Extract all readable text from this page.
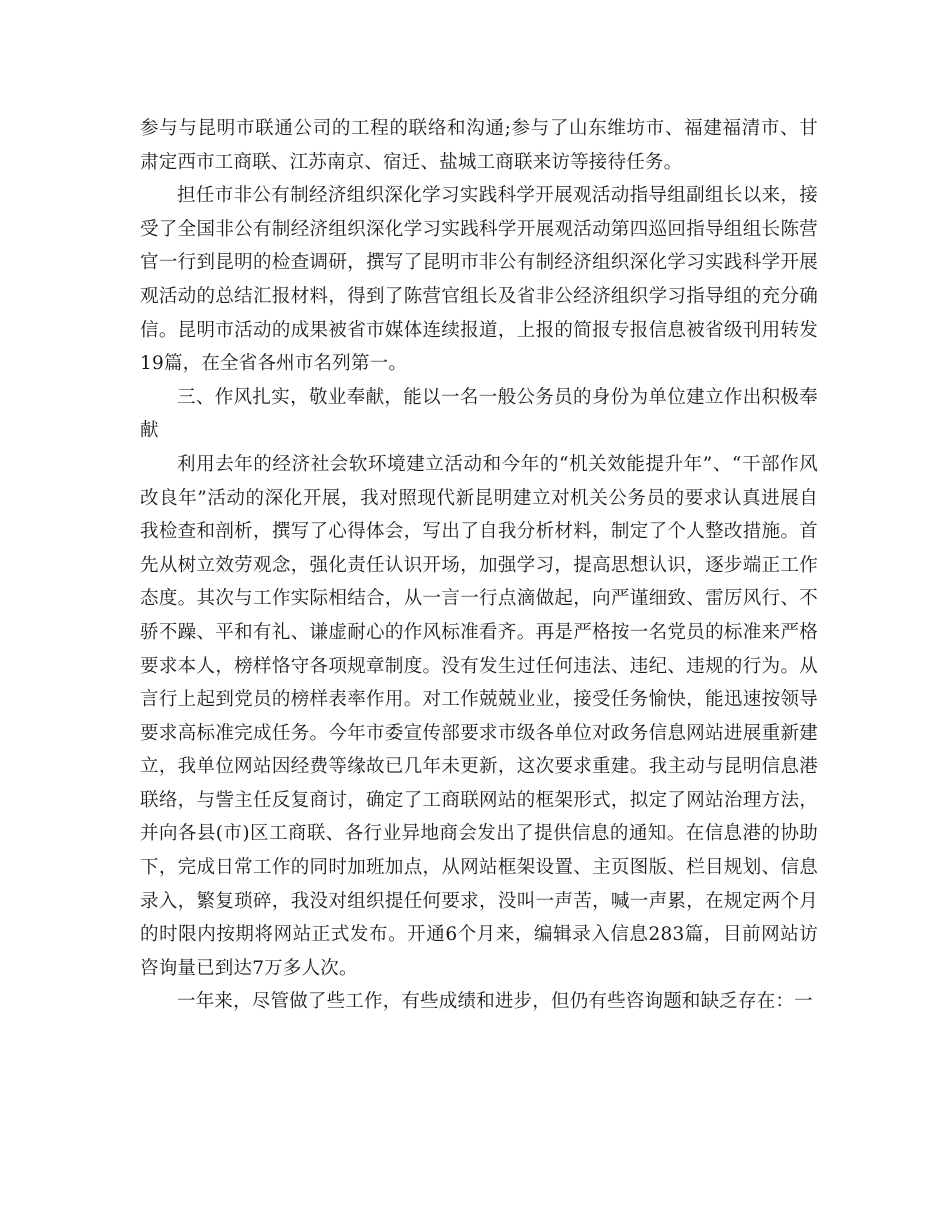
参与与昆明市联通公司的工程的联络和沟通;参与了山东维坊市、福建福清市、甘肃定西市工商联、江苏南京、宿迁、盐城工商联来访等接待任务。

担任市非公有制经济组织深化学习实践科学开展观活动指导组副组长以来，接受了全国非公有制经济组织深化学习实践科学开展观活动第四巡回指导组组长陈营官一行到昆明的检查调研，撰写了昆明市非公有制经济组织深化学习实践科学开展观活动的总结汇报材料，得到了陈营官组长及省非公经济组织学习指导组的充分确信。昆明市活动的成果被省市媒体连续报道，上报的简报专报信息被省级刊用转发19篇，在全省各州市名列第一。

三、作风扎实，敬业奉献，能以一名一般公务员的身份为单位建立作出积极奉献

利用去年的经济社会软环境建立活动和今年的“机关效能提升年”、“干部作风改良年”活动的深化开展，我对照现代新昆明建立对机关公务员的要求认真进展自我检查和剖析，撰写了心得体会，写出了自我分析材料，制定了个人整改措施。首先从树立效劳观念，强化责任认识开场，加强学习，提高思想认识，逐步端正工作态度。其次与工作实际相结合，从一言一行点滴做起，向严谨细致、雷厉风行、不骄不躁、平和有礼、谦虚耐心的作风标准看齐。再是严格按一名党员的标准来严格要求本人，榜样恪守各项规章制度。没有发生过任何违法、违纪、违规的行为。从言行上起到党员的榜样表率作用。对工作兢兢业业，接受任务愉快，能迅速按领导要求高标准完成任务。今年市委宣传部要求市级各单位对政务信息网站进展重新建立，我单位网站因经费等缘故已几年未更新，这次要求重建。我主动与昆明信息港联络，与訾主任反复商讨，确定了工商联网站的框架形式，拟定了网站治理方法，并向各县(市)区工商联、各行业异地商会发出了提供信息的通知。在信息港的协助下，完成日常工作的同时加班加点，从网站框架设置、主页图版、栏目规划、信息录入，繁复琐碎，我没对组织提任何要求，没叫一声苦，喊一声累，在规定两个月的时限内按期将网站正式发布。开通6个月来，编辑录入信息283篇，目前网站访咨询量已到达7万多人次。

一年来，尽管做了些工作，有些成绩和进步，但仍有些咨询题和缺乏存在：一
